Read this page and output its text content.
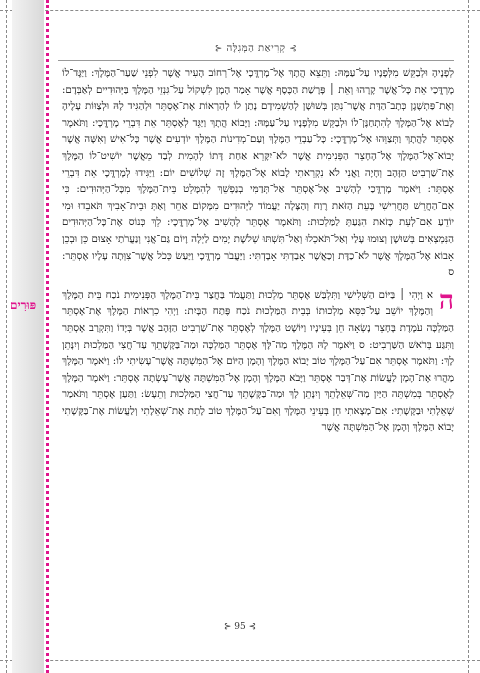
פּוּרִים
⊱ קְרִיאַת הַמְּגִלָּה ⊰

לְפָנֶיהָ וּלְבַקֵּשׁ מִלְּפָנָיו עַל־עַמָּהּ: וַתֵּצֵא הֲתָךְ אֶל־מָרְדֳּכָי אֶל־רְחוֹב הָעִיר אֲשֶׁר לִפְנֵי שַׁעַר־הַמֶּלֶךְ: וַיַּגֶּד־לוֹ מָרְדֳּכַי אֵת כָּל־אֲשֶׁר קָרָהוּ וְאֵת ׀ פָּרָשַׁת הַכֶּסֶף אֲשֶׁר אָמַר הָמָן לִשְׁקוֹל עַל־גִּנְזֵי הַמֶּלֶךְ בַּיְּהוּדִיים לְאַבְּדָם: וְאֶת־פַּתְשֶׁגֶן כְּתָב־הַדָּת אֲשֶׁר־נִתַּן בְּשׁוּשָׁן לְהַשְׁמִידָם נָתַן לוֹ לְהַרְאוֹת אֶת־אֶסְתֵּר וּלְהַגִּיד לָהּ וּלְצַוּוֹת עָלֶיהָ לָבוֹא אֶל־הַמֶּלֶךְ לְהִתְחַנֶּן־לוֹ וּלְבַקֵּשׁ מִלְּפָנָיו עַל־עַמָּהּ: וַיָּבוֹא הֲתָךְ וַיַּגֵּד לְאֶסְתֵּר אֵת דִּבְרֵי מָרְדֳּכָי: וַתֹּאמֶר אֶסְתֵּר לַהֲתָךְ וַתְּצַוֵּהוּ אֶל־מָרְדֳּכָי: כָּל־עַבְדֵי הַמֶּלֶךְ וְעַם־מְדִינוֹת הַמֶּלֶךְ יוֹדְעִים אֲשֶׁר כָּל־אִישׁ וְאִשָּׁה אֲשֶׁר יָבוֹא־אֶל־הַמֶּלֶךְ אֶל־הֶחָצֵר הַפְּנִימִית אֲשֶׁר לֹא־יִקָּרֵא אַחַת דָּתוֹ לְהָמִית לְבַד מֵאֲשֶׁר יוֹשִׁיט־לוֹ הַמֶּלֶךְ אֶת־שַׁרְבִיט הַזָּהָב וְחָיָה וַאֲנִי לֹא נִקְרֵאתִי לָבוֹא אֶל־הַמֶּלֶךְ זֶה שְׁלוֹשִׁים יוֹם: וַיַּגִּידוּ לְמָרְדֳּכָי אֵת דִּבְרֵי אֶסְתֵּר: וַיֹּאמֶר מָרְדֳּכַי לְהָשִׁיב אֶל־אֶסְתֵּר אַל־תְּדַמִּי בְנַפְשֵׁךְ לְהִמָּלֵט בֵּית־הַמֶּלֶךְ מִכָּל־הַיְּהוּדִים: כִּי אִם־הַחֲרֵשׁ תַּחֲרִישִׁי בָּעֵת הַזֹּאת רֶוַח וְהַצָּלָה יַעֲמוֹד לַיְּהוּדִים מִמָּקוֹם אַחֵר וְאַתְּ וּבֵית־אָבִיךְ תֹּאבֵדוּ וּמִי יוֹדֵעַ אִם־לְעֵת כָּזֹאת הִגַּעַתְּ לַמַּלְכוּת: וַתֹּאמֶר אֶסְתֵּר לְהָשִׁיב אֶל־מָרְדֳּכָי: לֵךְ כְּנוֹס אֶת־כָּל־הַיְּהוּדִים הַנִּמְצְאִים בְּשׁוּשָׁן וְצוּמוּ עָלַי וְאַל־תֹּאכְלוּ וְאַל־תִּשְׁתּוּ שְׁלֹשֶׁת יָמִים לַיְלָה וָיוֹם גַּם־אֲנִי וְנַעֲרֹתַי אָצוּם כֵּן וּבְכֵן אָבוֹא אֶל־הַמֶּלֶךְ אֲשֶׁר לֹא־כַדָּת וְכַאֲשֶׁר אָבַדְתִּי אָבָדְתִּי: וַיַּעֲבֹר מָרְדֳּכָי וַיַּעַשׂ כְּכֹל אֲשֶׁר־צִוְּתָה עָלָיו אֶסְתֵּר: ס

ה
א וַיְהִי ׀ בַּיּוֹם הַשְּׁלִישִׁי וַתִּלְבַּשׁ אֶסְתֵּר מַלְכוּת וַתַּעֲמֹד בַּחֲצַר בֵּית־הַמֶּלֶךְ הַפְּנִימִית נֹכַח בֵּית הַמֶּלֶךְ וְהַמֶּלֶךְ יוֹשֵׁב עַל־כִּסֵּא מַלְכוּתוֹ בְּבֵית הַמַּלְכוּת נֹכַח פֶּתַח הַבָּיִת: וַיְהִי כִרְאוֹת הַמֶּלֶךְ אֶת־אֶסְתֵּר הַמַּלְכָּה עֹמֶדֶת בֶּחָצֵר נָשְׂאָה חֵן בְּעֵינָיו וַיּוֹשֶׁט הַמֶּלֶךְ לְאֶסְתֵּר אֶת־שַׁרְבִיט הַזָּהָב אֲשֶׁר בְּיָדוֹ וַתִּקְרַב אֶסְתֵּר וַתִּגַּע בְּרֹאשׁ הַשַּׁרְבִיט: ס וַיֹּאמֶר לָהּ הַמֶּלֶךְ מַה־לָּךְ אֶסְתֵּר הַמַּלְכָּה וּמַה־בַּקָּשָׁתֵךְ עַד־חֲצִי הַמַּלְכוּת וְיִנָּתֵן לָךְ: וַתֹּאמֶר אֶסְתֵּר אִם־עַל־הַמֶּלֶךְ טוֹב יָבוֹא הַמֶּלֶךְ וְהָמָן הַיּוֹם אֶל־הַמִּשְׁתֶּה אֲשֶׁר־עָשִׂיתִי לוֹ: וַיֹּאמֶר הַמֶּלֶךְ מַהֲרוּ אֶת־הָמָן לַעֲשׂוֹת אֶת־דְּבַר אֶסְתֵּר וַיָּבֹא הַמֶּלֶךְ וְהָמָן אֶל־הַמִּשְׁתֶּה אֲשֶׁר־עָשְׂתָה אֶסְתֵּר: וַיֹּאמֶר הַמֶּלֶךְ לְאֶסְתֵּר בְּמִשְׁתֵּה הַיַּיִן מַה־שְּׁאֵלָתֵךְ וְיִנָּתֵן לָךְ וּמַה־בַּקָּשָׁתֵךְ עַד־חֲצִי הַמַּלְכוּת וְתֵעָשׂ: וַתַּעַן אֶסְתֵּר וַתֹּאמַר שְׁאֵלָתִי וּבַקָּשָׁתִי: אִם־מָצָאתִי חֵן בְּעֵינֵי הַמֶּלֶךְ וְאִם־עַל־הַמֶּלֶךְ טוֹב לָתֵת אֶת־שְׁאֵלָתִי וְלַעֲשׂוֹת אֶת־בַּקָּשָׁתִי יָבוֹא הַמֶּלֶךְ וְהָמָן אֶל־הַמִּשְׁתֶּה אֲשֶׁר

⊱ 95 ⊰
